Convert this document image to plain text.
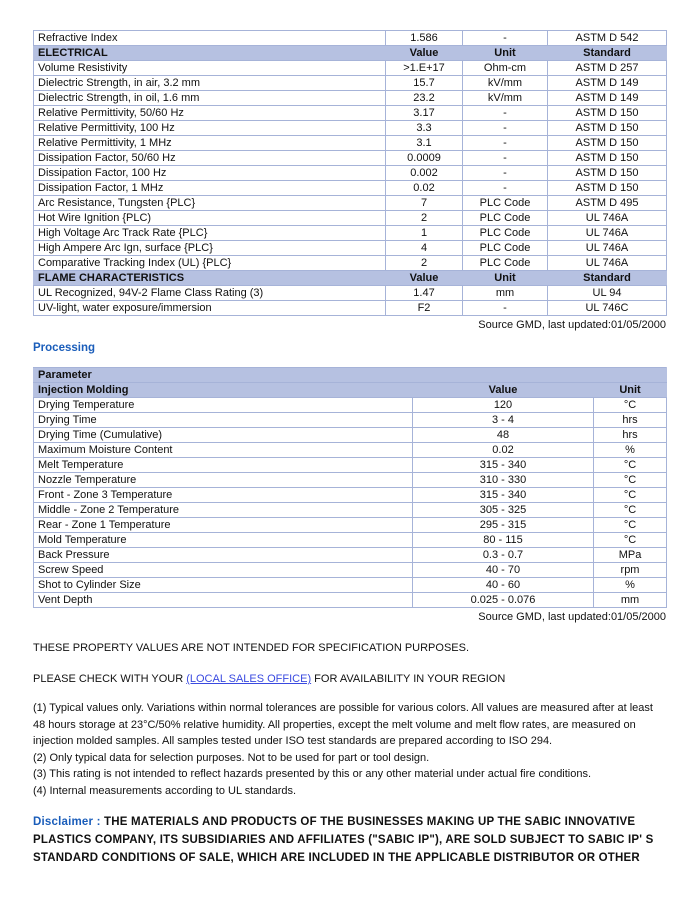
Refractive Index	1.586	-	ASTM D 542
ELECTRICAL	Value	Unit	Standard
Volume Resistivity	>1.E+17	Ohm-cm	ASTM D 257
Dielectric Strength, in air, 3.2 mm	15.7	kV/mm	ASTM D 149
Dielectric Strength, in oil, 1.6 mm	23.2	kV/mm	ASTM D 149
Relative Permittivity, 50/60 Hz	3.17	-	ASTM D 150
Relative Permittivity, 100 Hz	3.3	-	ASTM D 150
Relative Permittivity, 1 MHz	3.1	-	ASTM D 150
Dissipation Factor, 50/60 Hz	0.0009	-	ASTM D 150
Dissipation Factor, 100 Hz	0.002	-	ASTM D 150
Dissipation Factor, 1 MHz	0.02	-	ASTM D 150
Arc Resistance, Tungsten {PLC}	7	PLC Code	ASTM D 495
Hot Wire Ignition {PLC)	2	PLC Code	UL 746A
High Voltage Arc Track Rate {PLC}	1	PLC Code	UL 746A
High Ampere Arc Ign, surface {PLC}	4	PLC Code	UL 746A
Comparative Tracking Index (UL) {PLC}	2	PLC Code	UL 746A
FLAME CHARACTERISTICS	Value	Unit	Standard
UL Recognized, 94V-2 Flame Class Rating (3)	1.47	mm	UL 94
UV-light, water exposure/immersion	F2	-	UL 746C
Source GMD, last updated:01/05/2000
Processing
Parameter		
Injection Molding	Value	Unit
Drying Temperature	120	°C
Drying Time	3 - 4	hrs
Drying Time (Cumulative)	48	hrs
Maximum Moisture Content	0.02	%
Melt Temperature	315 - 340	°C
Nozzle Temperature	310 - 330	°C
Front - Zone 3 Temperature	315 - 340	°C
Middle - Zone 2 Temperature	305 - 325	°C
Rear - Zone 1 Temperature	295 - 315	°C
Mold Temperature	80 - 115	°C
Back Pressure	0.3 - 0.7	MPa
Screw Speed	40 - 70	rpm
Shot to Cylinder Size	40 - 60	%
Vent Depth	0.025 - 0.076	mm
Source GMD, last updated:01/05/2000

THESE PROPERTY VALUES ARE NOT INTENDED FOR SPECIFICATION PURPOSES.

PLEASE CHECK WITH YOUR (LOCAL SALES OFFICE) FOR AVAILABILITY IN YOUR REGION

(1) Typical values only. Variations within normal tolerances are possible for various colors. All values are measured after at least 48 hours storage at 23°C/50% relative humidity. All properties, except the melt volume and melt flow rates, are measured on injection molded samples. All samples tested under ISO test standards are prepared according to ISO 294.
(2) Only typical data for selection purposes. Not to be used for part or tool design.
(3) This rating is not intended to reflect hazards presented by this or any other material under actual fire conditions.
(4) Internal measurements according to UL standards.

Disclaimer : THE MATERIALS AND PRODUCTS OF THE BUSINESSES MAKING UP THE SABIC INNOVATIVE PLASTICS COMPANY, ITS SUBSIDIARIES AND AFFILIATES ("SABIC IP"), ARE SOLD SUBJECT TO SABIC IP' S STANDARD CONDITIONS OF SALE, WHICH ARE INCLUDED IN THE APPLICABLE DISTRIBUTOR OR OTHER
